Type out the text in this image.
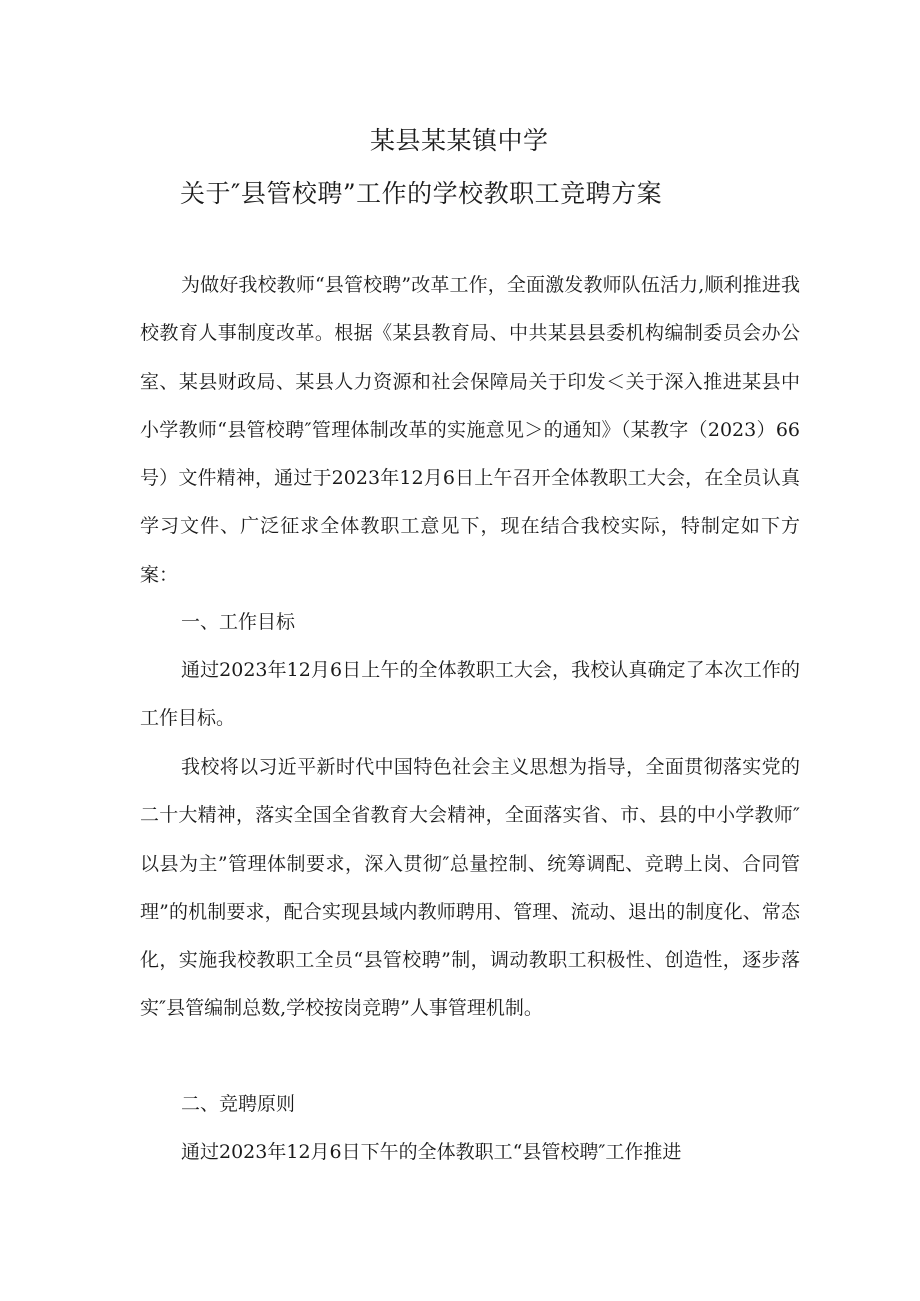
某县某某镇中学
关于″县管校聘”工作的学校教职工竞聘方案

为做好我校教师“县管校聘”改革工作，全面激发教师队伍活力,顺利推进我校教育人事制度改革。根据《某县教育局、中共某县县委机构编制委员会办公室、某县财政局、某县人力资源和社会保障局关于印发＜关于深入推进某县中小学教师“县管校聘″管理体制改革的实施意见＞的通知》（某教字（2023）66号）文件精神，通过于2023年12月6日上午召开全体教职工大会，在全员认真学习文件、广泛征求全体教职工意见下，现在结合我校实际，特制定如下方案：

一、工作目标

通过2023年12月6日上午的全体教职工大会，我校认真确定了本次工作的工作目标。

我校将以习近平新时代中国特色社会主义思想为指导，全面贯彻落实党的二十大精神，落实全国全省教育大会精神，全面落实省、市、县的中小学教师″以县为主”管理体制要求，深入贯彻″总量控制、统筹调配、竞聘上岗、合同管理”的机制要求，配合实现县域内教师聘用、管理、流动、退出的制度化、常态化，实施我校教职工全员“县管校聘”制，调动教职工积极性、创造性，逐步落实″县管编制总数,学校按岗竞聘”人事管理机制。

二、竞聘原则

通过2023年12月6日下午的全体教职工“县管校聘″工作推进
